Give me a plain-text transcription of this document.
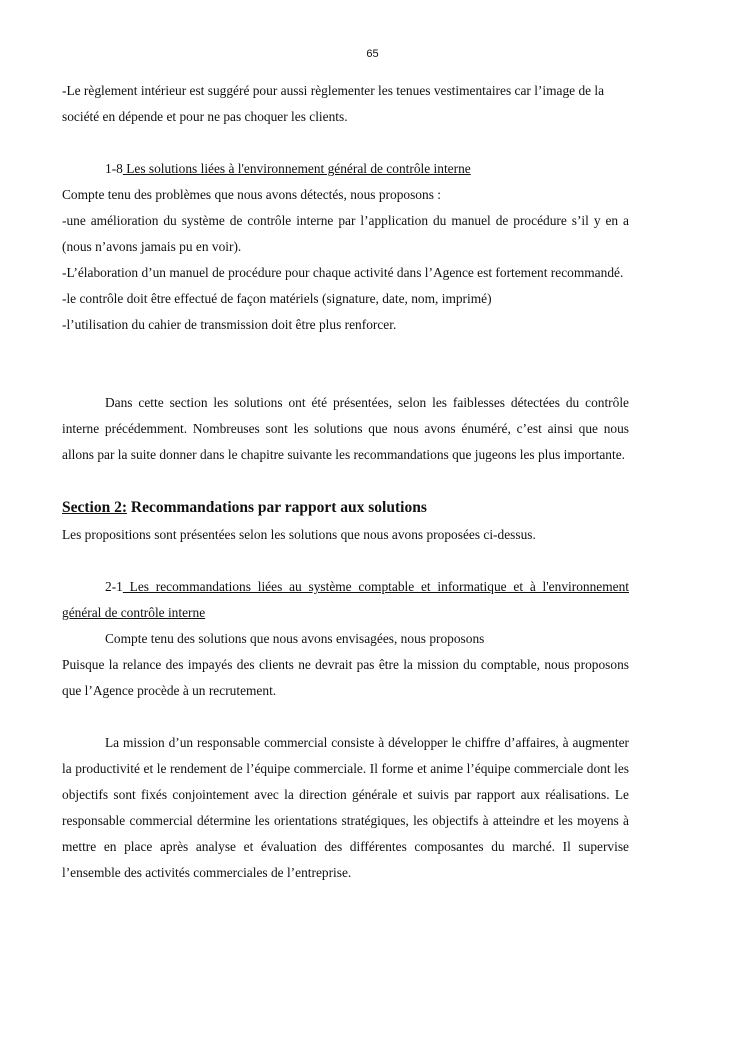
65

-Le règlement intérieur est suggéré pour aussi règlementer les tenues vestimentaires car l’image de la société en dépende et pour ne pas choquer les clients.

1-8 Les solutions liées à l'environnement général de contrôle interne

Compte tenu des problèmes que nous avons détectés, nous proposons :

-une amélioration du système de contrôle interne par l’application du manuel de procédure s’il y en a (nous n’avons jamais pu en voir).

-L’élaboration d’un manuel de procédure pour chaque activité dans l’Agence est fortement recommandé.

-le contrôle doit être effectué de façon matériels (signature, date, nom, imprimé)

-l’utilisation du cahier de transmission doit être plus renforcer.

Dans cette section les solutions ont été présentées, selon les faiblesses détectées du contrôle interne précédemment. Nombreuses sont les solutions que nous avons énuméré, c’est ainsi que nous allons par la suite donner dans le chapitre suivante les recommandations que jugeons les plus importante.

Section 2: Recommandations par rapport aux solutions

Les propositions sont présentées selon les solutions que nous avons proposées ci-dessus.

2-1 Les recommandations liées au système comptable et informatique et à l'environnement général de contrôle interne

Compte tenu des solutions que nous avons envisagées, nous proposons

Puisque la relance des impayés des clients ne devrait pas être la mission du comptable, nous proposons que l’Agence procède à un recrutement.

La mission d’un responsable commercial consiste à développer le chiffre d’affaires, à augmenter la productivité et le rendement de l’équipe commerciale. Il forme et anime l’équipe commerciale dont les objectifs sont fixés conjointement avec la direction générale et suivis par rapport aux réalisations. Le responsable commercial détermine les orientations stratégiques, les objectifs à atteindre et les moyens à mettre en place après analyse et évaluation des différentes composantes du marché. Il supervise l’ensemble des activités commerciales de l’entreprise.
